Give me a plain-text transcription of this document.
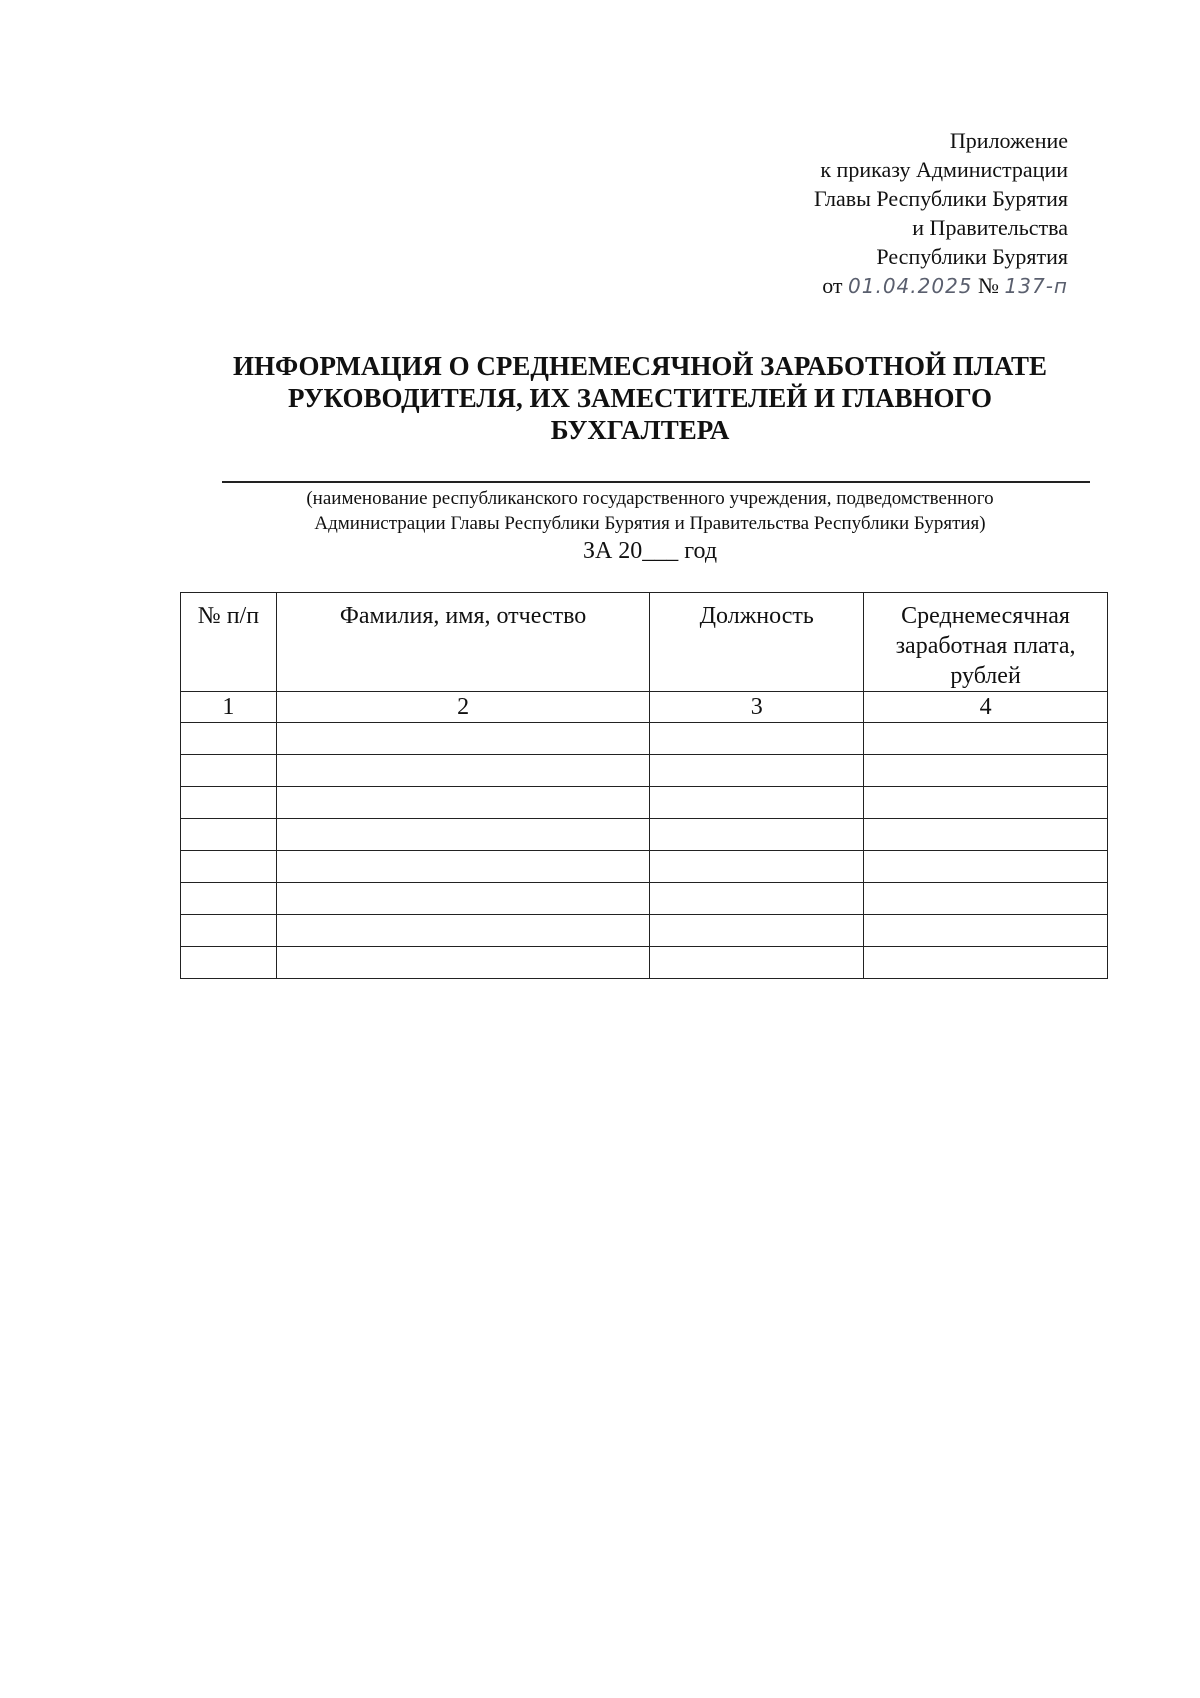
Приложение
к приказу Администрации
Главы Республики Бурятия
и Правительства
Республики Бурятия
от 01.04.2025 № 137-п
ИНФОРМАЦИЯ О СРЕДНЕМЕСЯЧНОЙ ЗАРАБОТНОЙ ПЛАТЕ
РУКОВОДИТЕЛЯ, ИХ ЗАМЕСТИТЕЛЕЙ И ГЛАВНОГО
БУХГАЛТЕРА
(наименование республиканского государственного учреждения, подведомственного
Администрации Главы Республики Бурятия и Правительства Республики Бурятия)
ЗА 20___ год
№ п/п	Фамилия, имя, отчество	Должность	Среднемесячная заработная плата, рублей
1	2	3	4
